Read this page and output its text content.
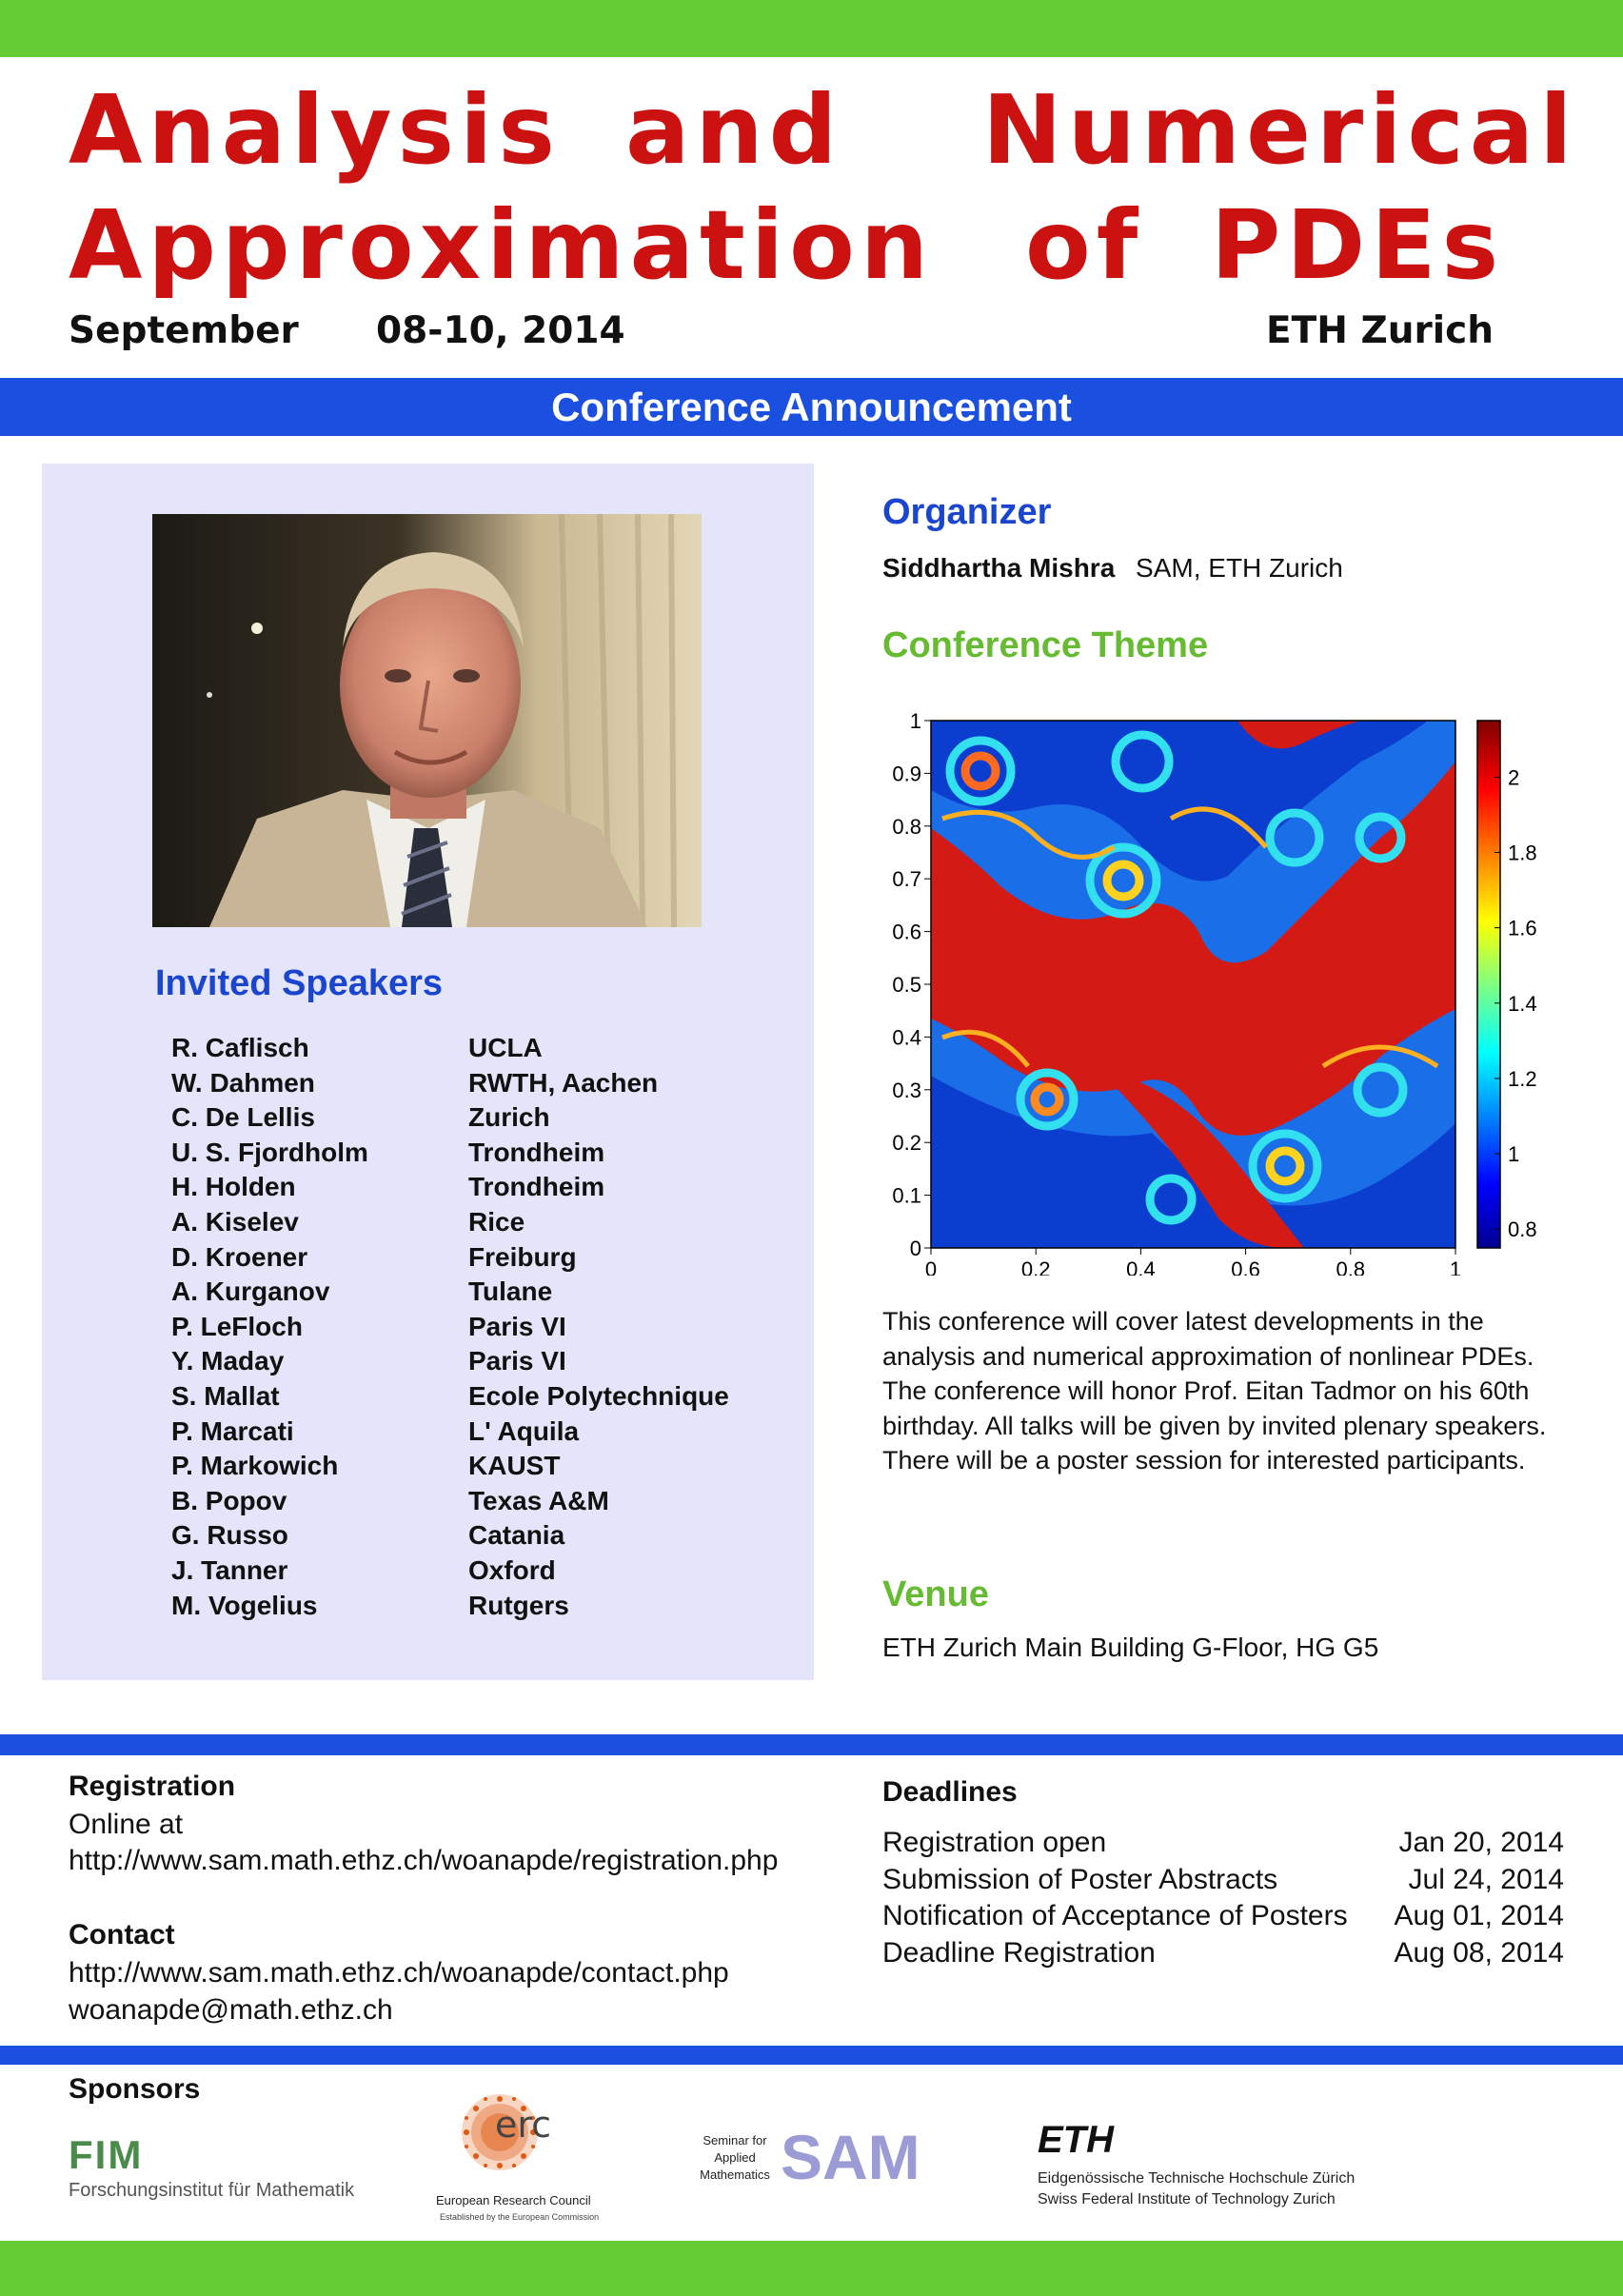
Analysis and Numerical
Approximation of PDEs
September 08-10, 2014	ETH Zurich
Conference Announcement
Invited Speakers
R. Caflisch	UCLA
W. Dahmen	RWTH, Aachen
C. De Lellis	Zurich
U. S. Fjordholm	Trondheim
H. Holden	Trondheim
A. Kiselev	Rice
D. Kroener	Freiburg
A. Kurganov	Tulane
P. LeFloch	Paris VI
Y. Maday	Paris VI
S. Mallat	Ecole Polytechnique
P. Marcati	L' Aquila
P. Markowich	KAUST
B. Popov	Texas A&M
G. Russo	Catania
J. Tanner	Oxford
M. Vogelius	Rutgers
Organizer
Siddhartha Mishra SAM, ETH Zurich
Conference Theme
0	0.2	0.4	0.6	0.8	1
0
0.1
0.2
0.3
0.4
0.5
0.6
0.7
0.8
0.9
1
0.8
1
1.2
1.4
1.6
1.8
2
This conference will cover latest developments in the analysis and numerical approximation of nonlinear PDEs. The conference will honor Prof. Eitan Tadmor on his 60th birthday. All talks will be given by invited plenary speakers. There will be a poster session for interested participants.
Venue
ETH Zurich Main Building G-Floor, HG G5
Registration
Online at
http://www.sam.math.ethz.ch/woanapde/registration.php
Contact
http://www.sam.math.ethz.ch/woanapde/contact.php
woanapde@math.ethz.ch
Deadlines
Registration open	Jan 20, 2014
Submission of Poster Abstracts	Jul 24, 2014
Notification of Acceptance of Posters Aug 01, 2014
Deadline Registration	Aug 08, 2014
Sponsors
FIM
Forschungsinstitut für Mathematik
erc
European Research Council
Established by the European Commission
Seminar for
Applied
Mathematics SAM	ETH
Eidgenössische Technische Hochschule Zürich
Swiss Federal Institute of Technology Zurich
